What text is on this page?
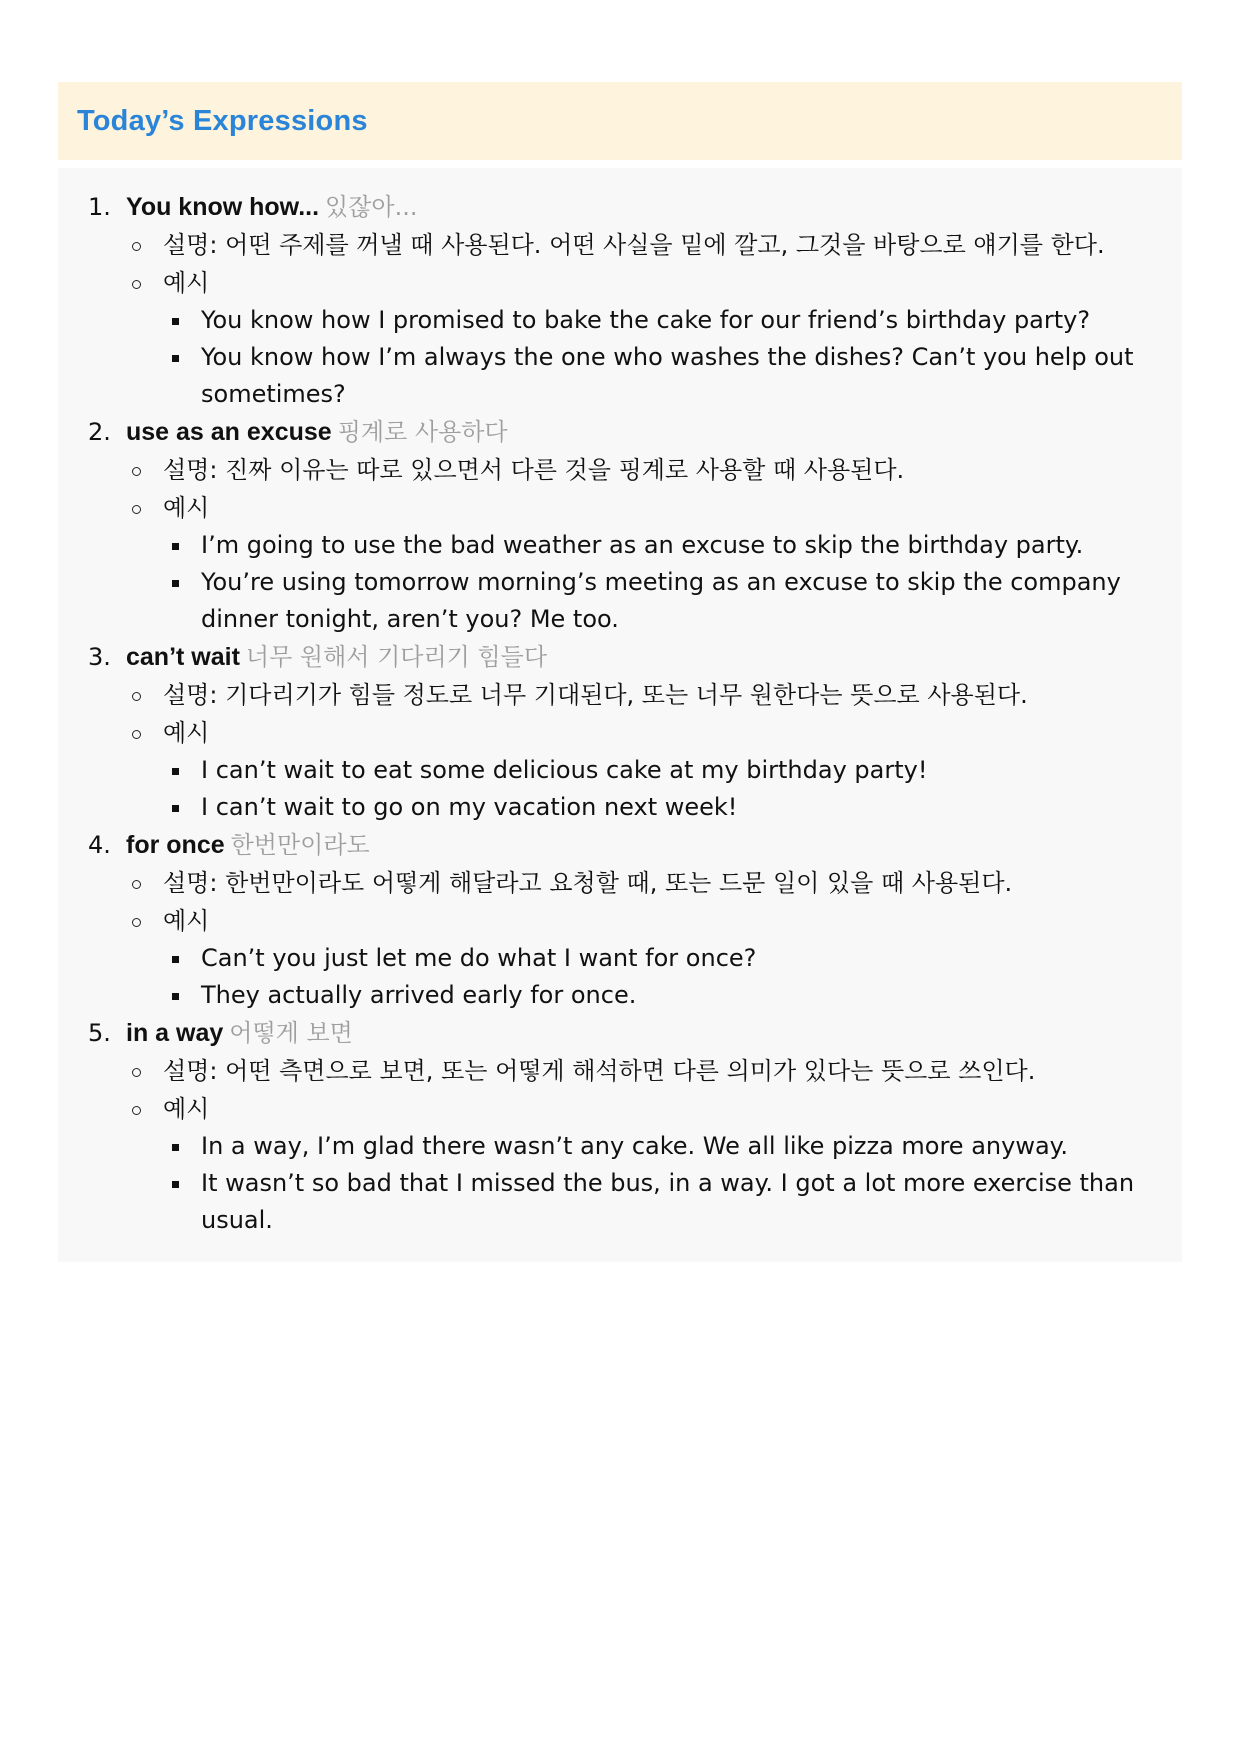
Today’s Expressions
1. You know how... 있잖아...
설명: 어떤 주제를 꺼낼 때 사용된다. 어떤 사실을 밑에 깔고, 그것을 바탕으로 얘기를 한다.
예시
You know how I promised to bake the cake for our friend’s birthday party?
You know how I’m always the one who washes the dishes? Can’t you help out sometimes?
2. use as an excuse 핑계로 사용하다
설명: 진짜 이유는 따로 있으면서 다른 것을 핑계로 사용할 때 사용된다.
예시
I’m going to use the bad weather as an excuse to skip the birthday party.
You’re using tomorrow morning’s meeting as an excuse to skip the company dinner tonight, aren’t you? Me too.
3. can’t wait 너무 원해서 기다리기 힘들다
설명: 기다리기가 힘들 정도로 너무 기대된다, 또는 너무 원한다는 뜻으로 사용된다.
예시
I can’t wait to eat some delicious cake at my birthday party!
I can’t wait to go on my vacation next week!
4. for once 한번만이라도
설명: 한번만이라도 어떻게 해달라고 요청할 때, 또는 드문 일이 있을 때 사용된다.
예시
Can’t you just let me do what I want for once?
They actually arrived early for once.
5. in a way 어떻게 보면
설명: 어떤 측면으로 보면, 또는 어떻게 해석하면 다른 의미가 있다는 뜻으로 쓰인다.
예시
In a way, I’m glad there wasn’t any cake. We all like pizza more anyway.
It wasn’t so bad that I missed the bus, in a way. I got a lot more exercise than usual.
